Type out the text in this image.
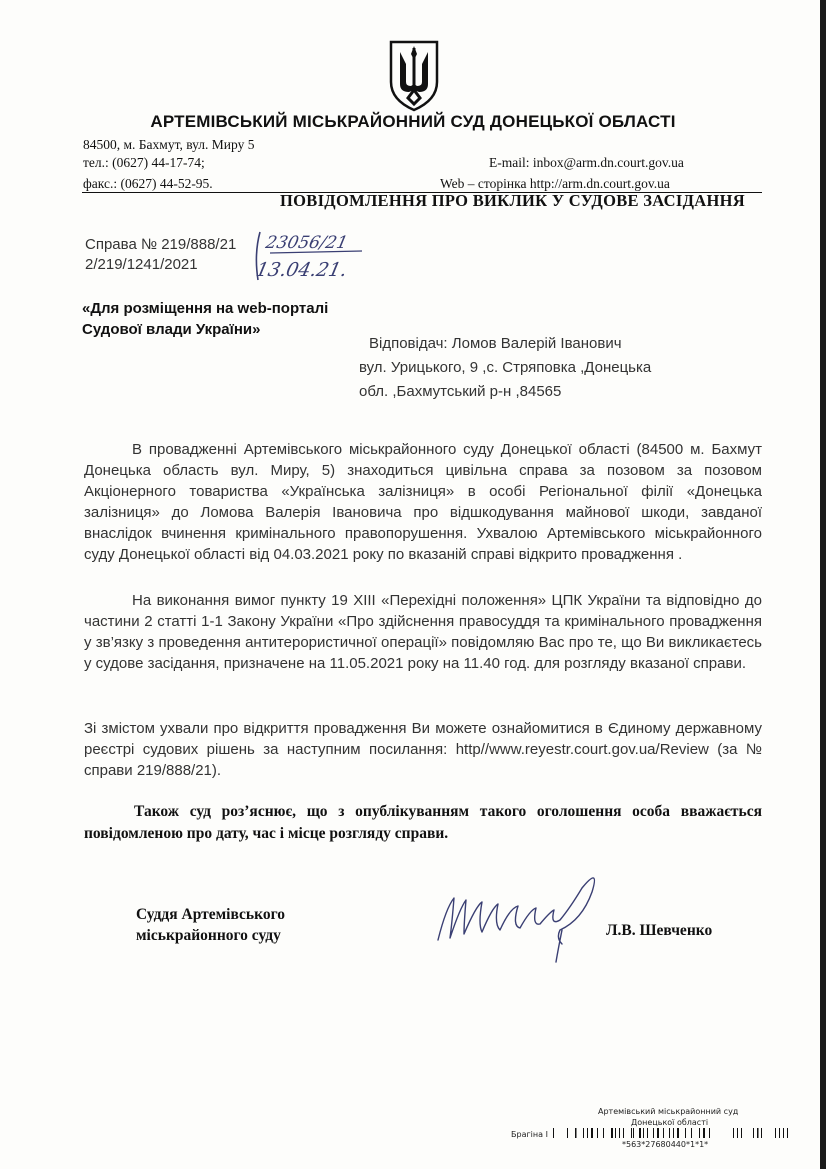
АРТЕМІВСЬКИЙ МІСЬКРАЙОННИЙ СУД ДОНЕЦЬКОЇ ОБЛАСТІ
84500, м. Бахмут, вул. Миру 5
тел.: (0627) 44-17-74;	E-mail: inbox@arm.dn.court.gov.ua
факс.: (0627) 44-52-95.	Web – сторінка http://arm.dn.court.gov.ua
ПОВІДОМЛЕННЯ ПРО ВИКЛИК У СУДОВЕ ЗАСІДАННЯ
Справа № 219/888/21
2/219/1241/2021
23056/21
13.04.21.
«Для розміщення на web-порталі
Судової влади України»
Відповідач: Ломов Валерій Іванович
вул. Урицького, 9 ,с. Стряповка ,Донецька
обл. ,Бахмутський р-н ,84565
В провадженні Артемівського міськрайонного суду Донецької області (84500 м. Бахмут Донецька область вул. Миру, 5) знаходиться цивільна справа за позовом за позовом Акціонерного товариства «Українська залізниця» в особі Регіональної філії «Донецька залізниця» до Ломова Валерія Івановича про відшкодування майнової шкоди, завданої внаслідок вчинення кримінального правопорушення. Ухвалою Артемівського міськрайонного суду Донецької області від 04.03.2021 року по вказаній справі відкрито провадження .
На виконання вимог пункту 19 ХІІІ «Перехідні положення» ЦПК України та відповідно до частини 2 статті 1-1 Закону України «Про здійснення правосуддя та кримінального провадження у зв’язку з проведення антитерористичної операції» повідомляю Вас про те, що Ви викликаєтесь у судове засідання, призначене на 11.05.2021 року на 11.40 год. для розгляду вказаної справи.
Зі змістом ухвали про відкриття провадження Ви можете ознайомитися в Єдиному державному реєстрі судових рішень за наступним посилання: http//www.reyestr.court.gov.ua/Review (за № справи 219/888/21).
Також суд роз’яснює, що з опублікуванням такого оголошення особа вважається повідомленою про дату, час і місце розгляду справи.
Суддя Артемівського
міськрайонного суду	Л.В. Шевченко
Артемівський міськрайонний суд
Донецької області
Брагіна І
*563*27680440*1*1*
